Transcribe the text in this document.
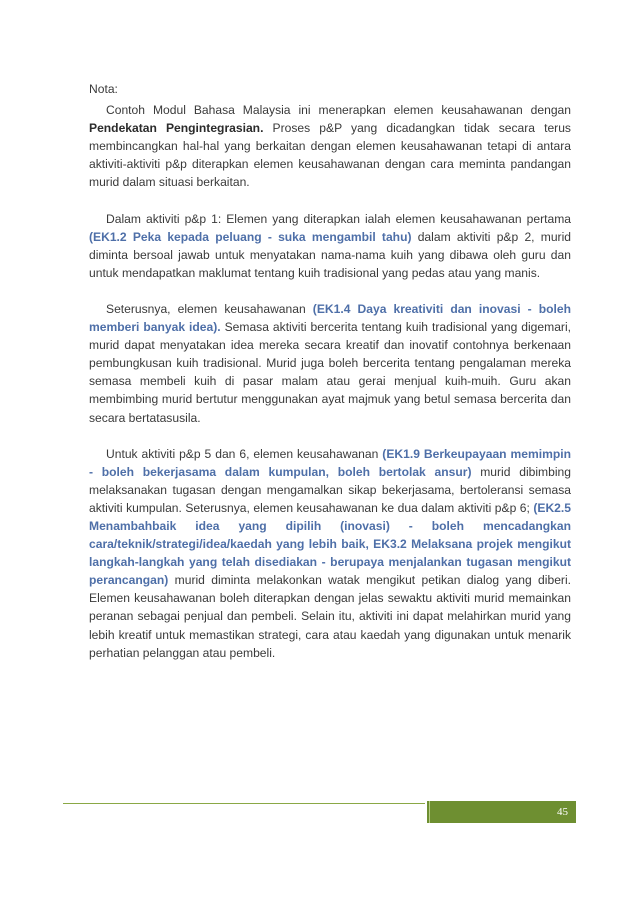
Nota:

Contoh Modul Bahasa Malaysia ini menerapkan elemen keusahawanan dengan Pendekatan Pengintegrasian. Proses p&P yang dicadangkan tidak secara terus membincangkan hal-hal yang berkaitan dengan elemen keusahawanan tetapi di antara aktiviti-aktiviti p&p diterapkan elemen keusahawanan dengan cara meminta pandangan murid dalam situasi berkaitan.

Dalam aktiviti p&p 1: Elemen yang diterapkan ialah elemen keusahawanan pertama (EK1.2 Peka kepada peluang - suka mengambil tahu) dalam aktiviti p&p 2, murid diminta bersoal jawab untuk menyatakan nama-nama kuih yang dibawa oleh guru dan untuk mendapatkan maklumat tentang kuih tradisional yang pedas atau yang manis.

Seterusnya, elemen keusahawanan (EK1.4 Daya kreativiti dan inovasi - boleh memberi banyak idea). Semasa aktiviti bercerita tentang kuih tradisional yang digemari, murid dapat menyatakan idea mereka secara kreatif dan inovatif contohnya berkenaan pembungkusan kuih tradisional. Murid juga boleh bercerita tentang pengalaman mereka semasa membeli kuih di pasar malam atau gerai menjual kuih-muih. Guru akan membimbing murid bertutur menggunakan ayat majmuk yang betul semasa bercerita dan secara bertatasusila.

Untuk aktiviti p&p 5 dan 6, elemen keusahawanan (EK1.9 Berkeupayaan memimpin - boleh bekerjasama dalam kumpulan, boleh bertolak ansur) murid dibimbing melaksanakan tugasan dengan mengamalkan sikap bekerjasama, bertoleransi semasa aktiviti kumpulan. Seterusnya, elemen keusahawanan ke dua dalam aktiviti p&p 6; (EK2.5 Menambahbaik idea yang dipilih (inovasi) - boleh mencadangkan cara/teknik/strategi/idea/kaedah yang lebih baik, EK3.2 Melaksana projek mengikut langkah-langkah yang telah disediakan - berupaya menjalankan tugasan mengikut perancangan) murid diminta melakonkan watak mengikut petikan dialog yang diberi. Elemen keusahawanan boleh diterapkan dengan jelas sewaktu aktiviti murid memainkan peranan sebagai penjual dan pembeli. Selain itu, aktiviti ini dapat melahirkan murid yang lebih kreatif untuk memastikan strategi, cara atau kaedah yang digunakan untuk menarik perhatian pelanggan atau pembeli.

45
